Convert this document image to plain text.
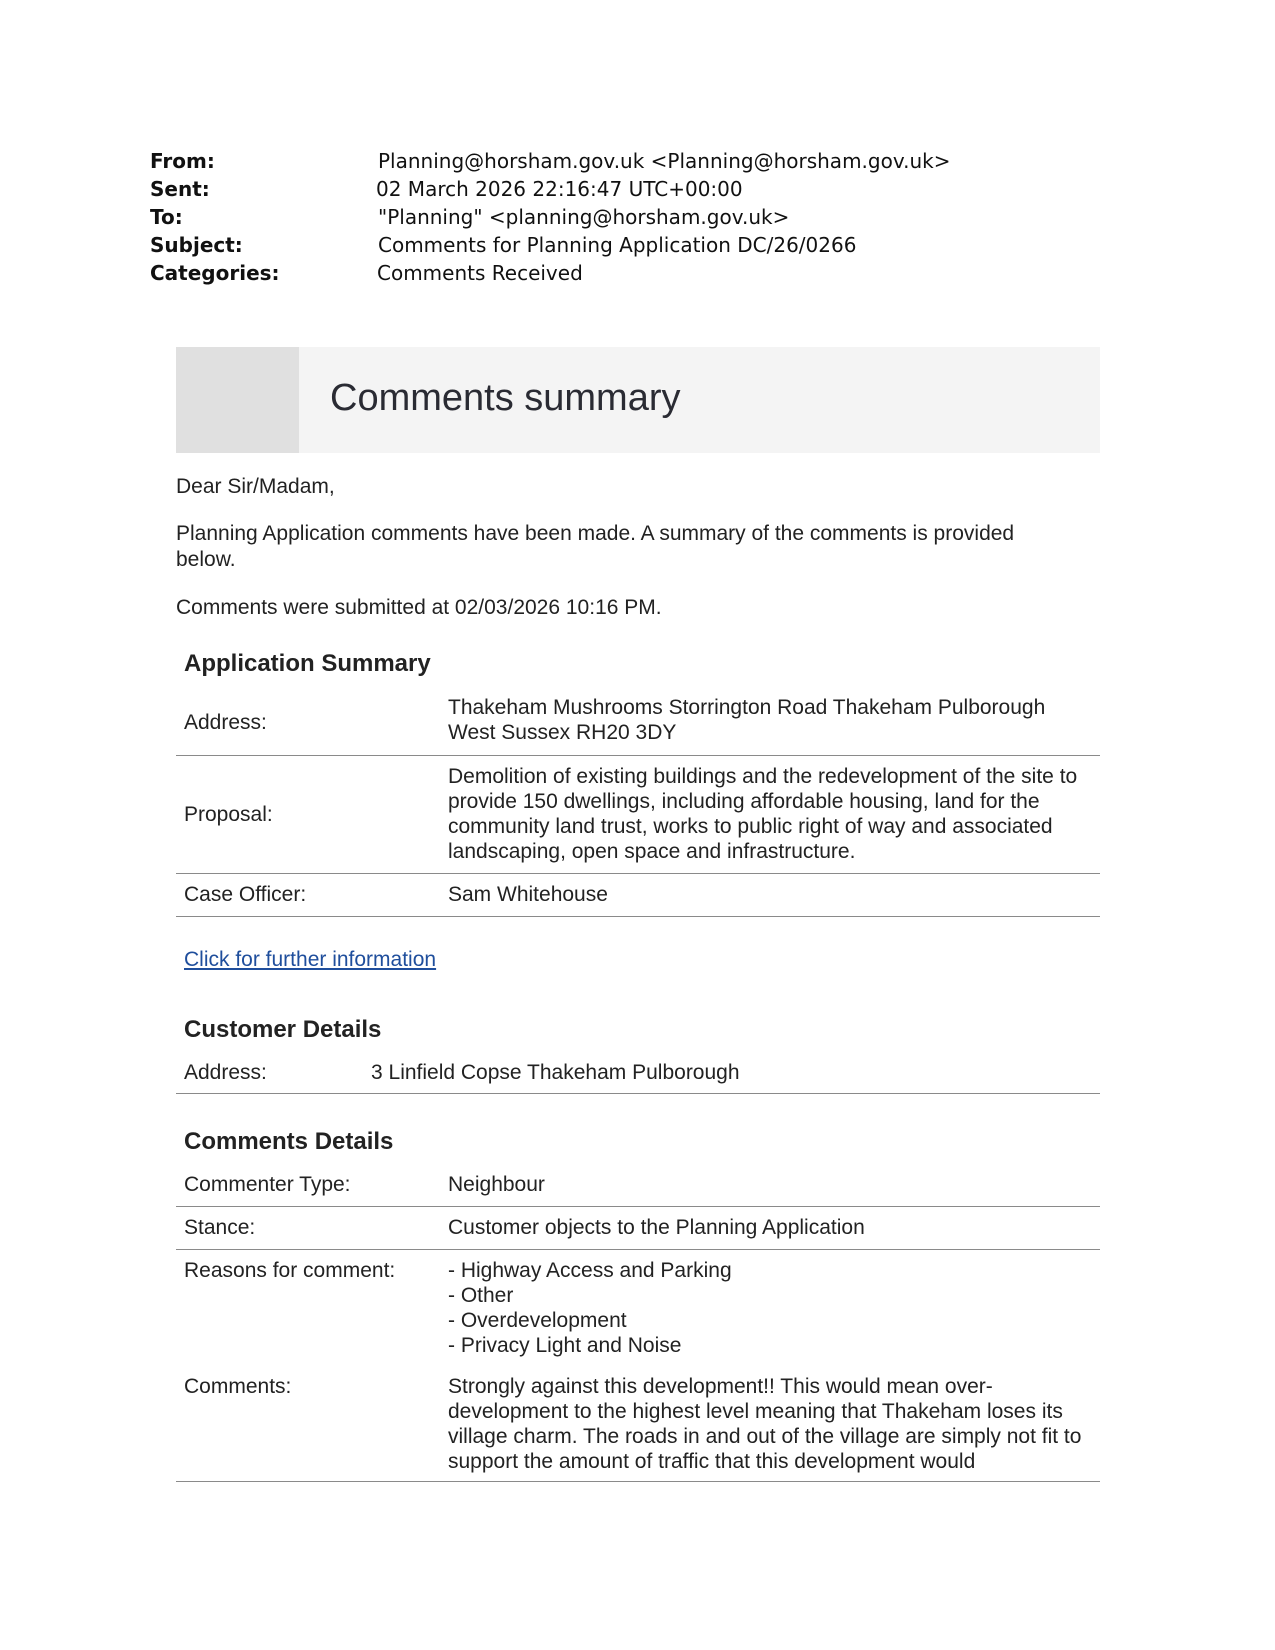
From:	Planning@horsham.gov.uk <Planning@horsham.gov.uk>
Sent:	02 March 2026 22:16:47 UTC+00:00
To:	"Planning" <planning@horsham.gov.uk>
Subject:	Comments for Planning Application DC/26/0266
Categories:	Comments Received
Comments summary
Dear Sir/Madam,
Planning Application comments have been made. A summary of the comments is provided below.
Comments were submitted at 02/03/2026 10:16 PM.
Application Summary
Address:
Thakeham Mushrooms Storrington Road Thakeham Pulborough West Sussex RH20 3DY
Proposal:
Demolition of existing buildings and the redevelopment of the site to provide 150 dwellings, including affordable housing, land for the community land trust, works to public right of way and associated landscaping, open space and infrastructure.
Case Officer:	Sam Whitehouse
Click for further information
Customer Details
Address:	3 Linfield Copse Thakeham Pulborough
Comments Details
Commenter Type:	Neighbour
Stance:	Customer objects to the Planning Application
Reasons for comment:	- Highway Access and Parking
- Other
- Overdevelopment
- Privacy Light and Noise
Comments:	Strongly against this development!! This would mean over-development to the highest level meaning that Thakeham loses its village charm. The roads in and out of the village are simply not fit to support the amount of traffic that this development would
